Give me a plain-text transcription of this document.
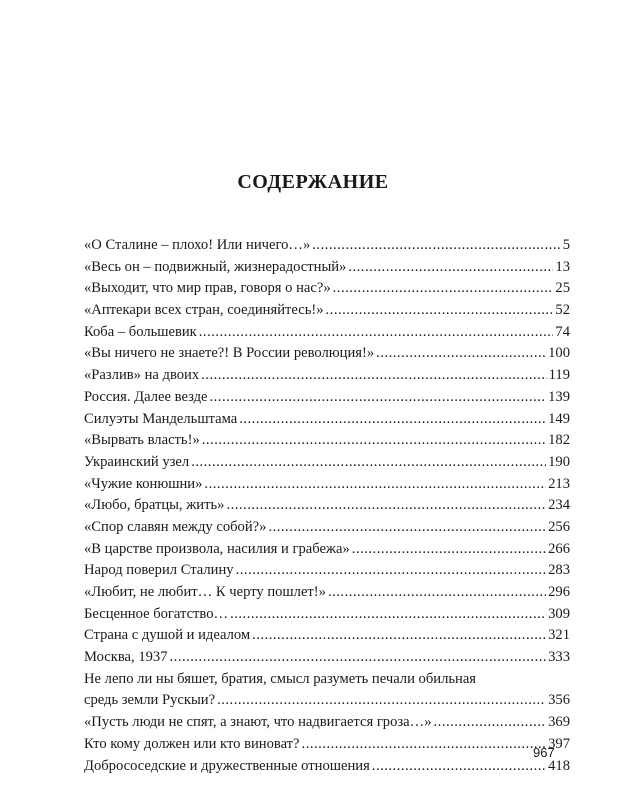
СОДЕРЖАНИЕ
«О Сталине – плохо! Или ничего…» .....	5
«Весь он – подвижный, жизнерадостный» .....	13
«Выходит, что мир прав, говоря о нас?» .....	25
«Аптекари всех стран, соединяйтесь!» .....	52
Коба – большевик .....	74
«Вы ничего не знаете?! В России революция!» .....	100
«Разлив» на двоих .....	119
Россия. Далее везде .....	139
Силуэты Мандельштама .....	149
«Вырвать власть!» .....	182
Украинский узел .....	190
«Чужие конюшни» .....	213
«Любо, братцы, жить» .....	234
«Спор славян между собой?» .....	256
«В царстве произвола, насилия и грабежа» .....	266
Народ поверил Сталину .....	283
«Любит, не любит… К черту пошлет!» .....	296
Бесценное богатство… .....	309
Страна с душой и идеалом .....	321
Москва, 1937 .....	333
Не лепо ли ны бяшет, братия, смысл разуметь печали обильная
средь земли Рускыи? .....	356
«Пусть люди не спят, а знают, что надвигается гроза…» .....	369
Кто кому должен или кто виноват? .....	397
Добрососедские и дружественные отношения .....	418
967
